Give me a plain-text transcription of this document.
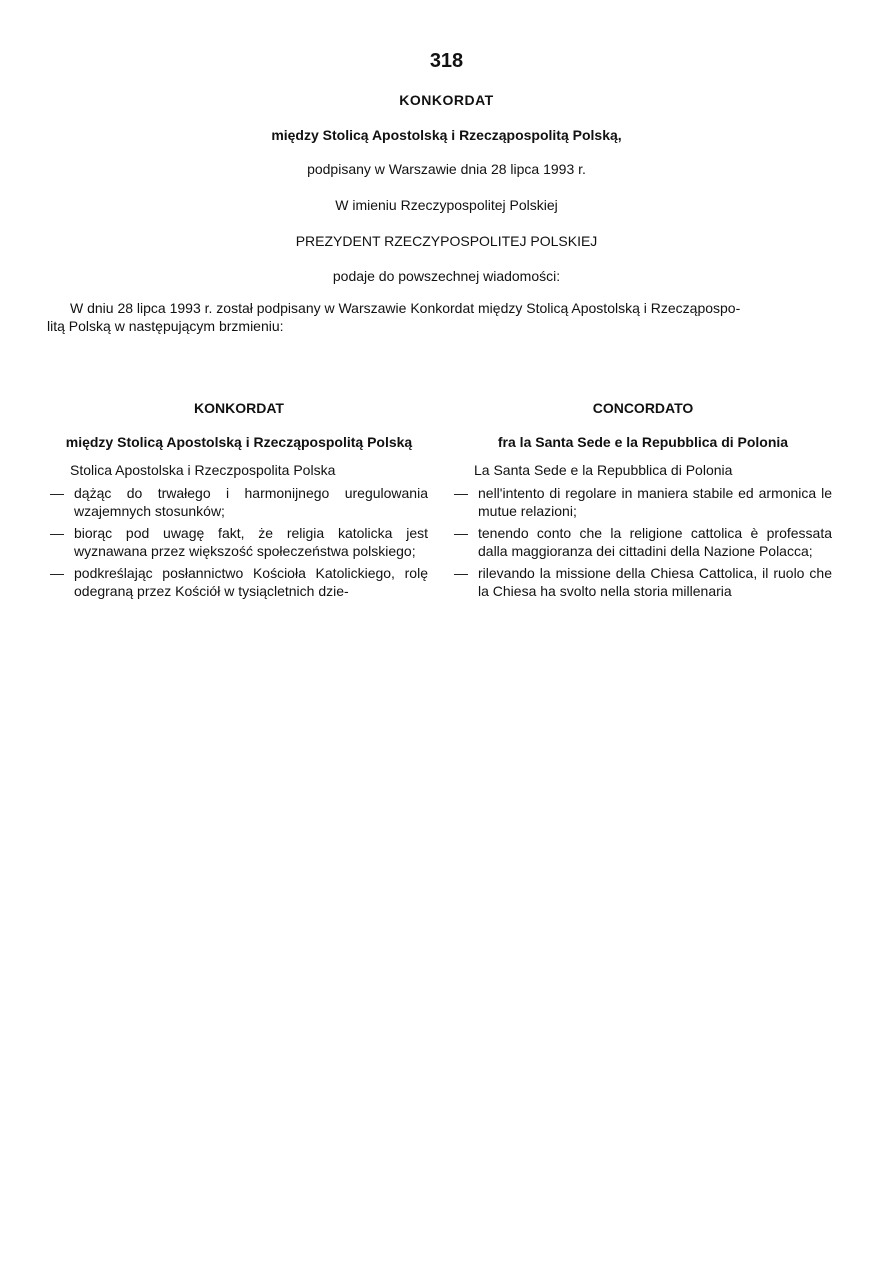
318
KONKORDAT
między Stolicą Apostolską i Rzecząpospolitą Polską,
podpisany w Warszawie dnia 28 lipca 1993 r.
W imieniu Rzeczypospolitej Polskiej
PREZYDENT RZECZYPOSPOLITEJ POLSKIEJ
podaje do powszechnej wiadomości:
W dniu 28 lipca 1993 r. został podpisany w Warszawie Konkordat między Stolicą Apostolską i Rzecząpospo-
litą Polską w następującym brzmieniu:
KONKORDAT
między Stolicą Apostolską i Rzecząpospolitą Polską
Stolica Apostolska i Rzeczpospolita Polska
— dążąc do trwałego i harmonijnego uregulowania wzajemnych stosunków;
— biorąc pod uwagę fakt, że religia katolicka jest wyznawana przez większość społeczeństwa polskiego;
— podkreślając posłannictwo Kościoła Katolickiego, rolę odegraną przez Kościół w tysiącletnich dzie-
CONCORDATO
fra la Santa Sede e la Repubblica di Polonia
La Santa Sede e la Repubblica di Polonia
— nell'intento di regolare in maniera stabile ed armonica le mutue relazioni;
— tenendo conto che la religione cattolica è professata dalla maggioranza dei cittadini della Nazione Polacca;
— rilevando la missione della Chiesa Cattolica, il ruolo che la Chiesa ha svolto nella storia millenaria
